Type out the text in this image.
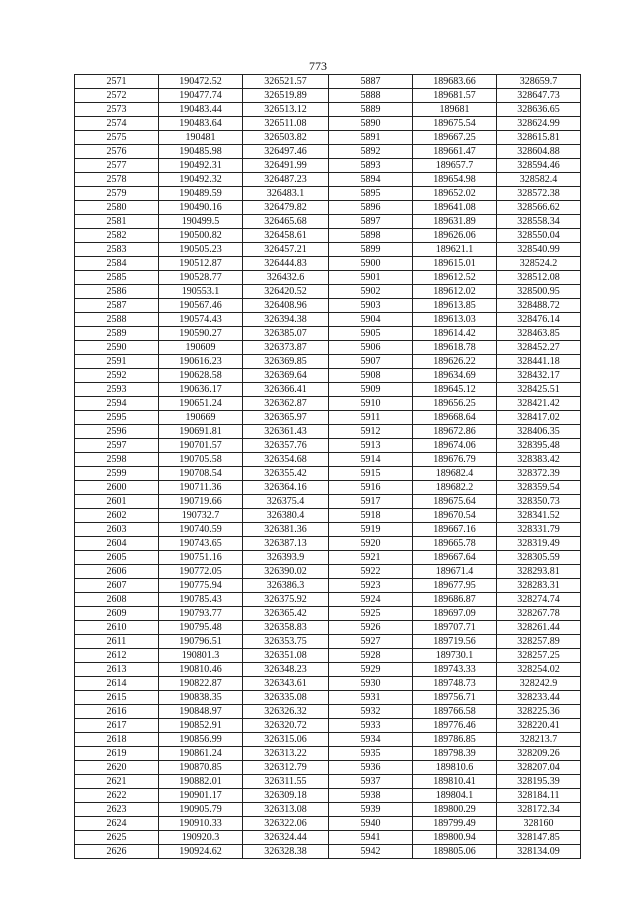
773
2571	190472.52	326521.57	5887	189683.66	328659.7
2572	190477.74	326519.89	5888	189681.57	328647.73
2573	190483.44	326513.12	5889	189681	328636.65
2574	190483.64	326511.08	5890	189675.54	328624.99
2575	190481	326503.82	5891	189667.25	328615.81
2576	190485.98	326497.46	5892	189661.47	328604.88
2577	190492.31	326491.99	5893	189657.7	328594.46
2578	190492.32	326487.23	5894	189654.98	328582.4
2579	190489.59	326483.1	5895	189652.02	328572.38
2580	190490.16	326479.82	5896	189641.08	328566.62
2581	190499.5	326465.68	5897	189631.89	328558.34
2582	190500.82	326458.61	5898	189626.06	328550.04
2583	190505.23	326457.21	5899	189621.1	328540.99
2584	190512.87	326444.83	5900	189615.01	328524.2
2585	190528.77	326432.6	5901	189612.52	328512.08
2586	190553.1	326420.52	5902	189612.02	328500.95
2587	190567.46	326408.96	5903	189613.85	328488.72
2588	190574.43	326394.38	5904	189613.03	328476.14
2589	190590.27	326385.07	5905	189614.42	328463.85
2590	190609	326373.87	5906	189618.78	328452.27
2591	190616.23	326369.85	5907	189626.22	328441.18
2592	190628.58	326369.64	5908	189634.69	328432.17
2593	190636.17	326366.41	5909	189645.12	328425.51
2594	190651.24	326362.87	5910	189656.25	328421.42
2595	190669	326365.97	5911	189668.64	328417.02
2596	190691.81	326361.43	5912	189672.86	328406.35
2597	190701.57	326357.76	5913	189674.06	328395.48
2598	190705.58	326354.68	5914	189676.79	328383.42
2599	190708.54	326355.42	5915	189682.4	328372.39
2600	190711.36	326364.16	5916	189682.2	328359.54
2601	190719.66	326375.4	5917	189675.64	328350.73
2602	190732.7	326380.4	5918	189670.54	328341.52
2603	190740.59	326381.36	5919	189667.16	328331.79
2604	190743.65	326387.13	5920	189665.78	328319.49
2605	190751.16	326393.9	5921	189667.64	328305.59
2606	190772.05	326390.02	5922	189671.4	328293.81
2607	190775.94	326386.3	5923	189677.95	328283.31
2608	190785.43	326375.92	5924	189686.87	328274.74
2609	190793.77	326365.42	5925	189697.09	328267.78
2610	190795.48	326358.83	5926	189707.71	328261.44
2611	190796.51	326353.75	5927	189719.56	328257.89
2612	190801.3	326351.08	5928	189730.1	328257.25
2613	190810.46	326348.23	5929	189743.33	328254.02
2614	190822.87	326343.61	5930	189748.73	328242.9
2615	190838.35	326335.08	5931	189756.71	328233.44
2616	190848.97	326326.32	5932	189766.58	328225.36
2617	190852.91	326320.72	5933	189776.46	328220.41
2618	190856.99	326315.06	5934	189786.85	328213.7
2619	190861.24	326313.22	5935	189798.39	328209.26
2620	190870.85	326312.79	5936	189810.6	328207.04
2621	190882.01	326311.55	5937	189810.41	328195.39
2622	190901.17	326309.18	5938	189804.1	328184.11
2623	190905.79	326313.08	5939	189800.29	328172.34
2624	190910.33	326322.06	5940	189799.49	328160
2625	190920.3	326324.44	5941	189800.94	328147.85
2626	190924.62	326328.38	5942	189805.06	328134.09
